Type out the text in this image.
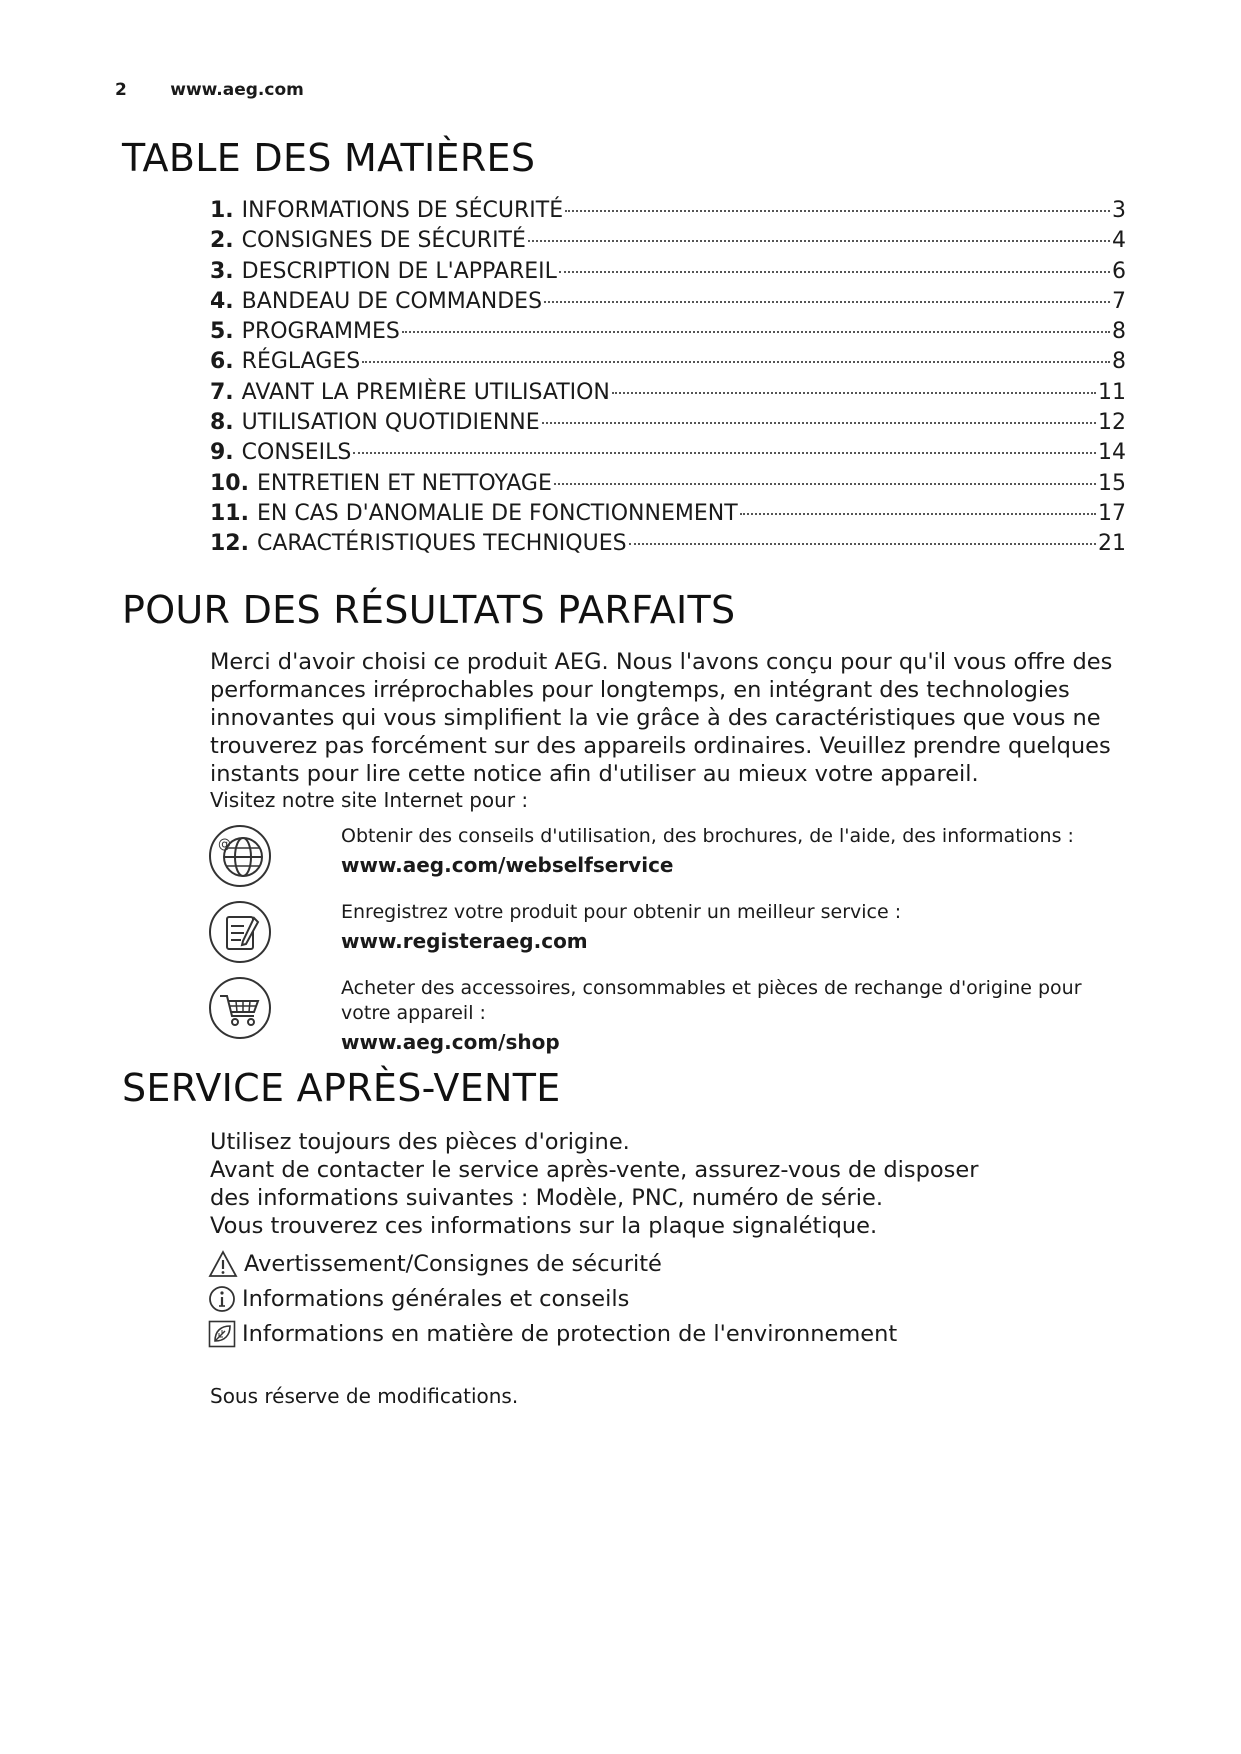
2	www.aeg.com
TABLE DES MATIÈRES
1. INFORMATIONS DE SÉCURITÉ	3
2. CONSIGNES DE SÉCURITÉ	4
3. DESCRIPTION DE L'APPAREIL	6
4. BANDEAU DE COMMANDES	7
5. PROGRAMMES	8
6. RÉGLAGES	8
7. AVANT LA PREMIÈRE UTILISATION	11
8. UTILISATION QUOTIDIENNE	12
9. CONSEILS	14
10. ENTRETIEN ET NETTOYAGE	15
11. EN CAS D'ANOMALIE DE FONCTIONNEMENT	17
12. CARACTÉRISTIQUES TECHNIQUES	21
POUR DES RÉSULTATS PARFAITS

Merci d'avoir choisi ce produit AEG. Nous l'avons conçu pour qu'il vous offre des performances irréprochables pour longtemps, en intégrant des technologies innovantes qui vous simplifient la vie grâce à des caractéristiques que vous ne trouverez pas forcément sur des appareils ordinaires. Veuillez prendre quelques instants pour lire cette notice afin d'utiliser au mieux votre appareil.

Visitez notre site Internet pour :

@	Obtenir des conseils d'utilisation, des brochures, de l'aide, des informations :
www.aeg.com/webselfservice
Enregistrez votre produit pour obtenir un meilleur service :
www.registeraeg.com
Acheter des accessoires, consommables et pièces de rechange d'origine pour votre appareil :
www.aeg.com/shop
SERVICE APRÈS-VENTE

Utilisez toujours des pièces d'origine.

Avant de contacter le service après-vente, assurez-vous de disposer des informations suivantes : Modèle, PNC, numéro de série.

Vous trouverez ces informations sur la plaque signalétique.

Avertissement/Consignes de sécurité
Informations générales et conseils
Informations en matière de protection de l'environnement

Sous réserve de modifications.
